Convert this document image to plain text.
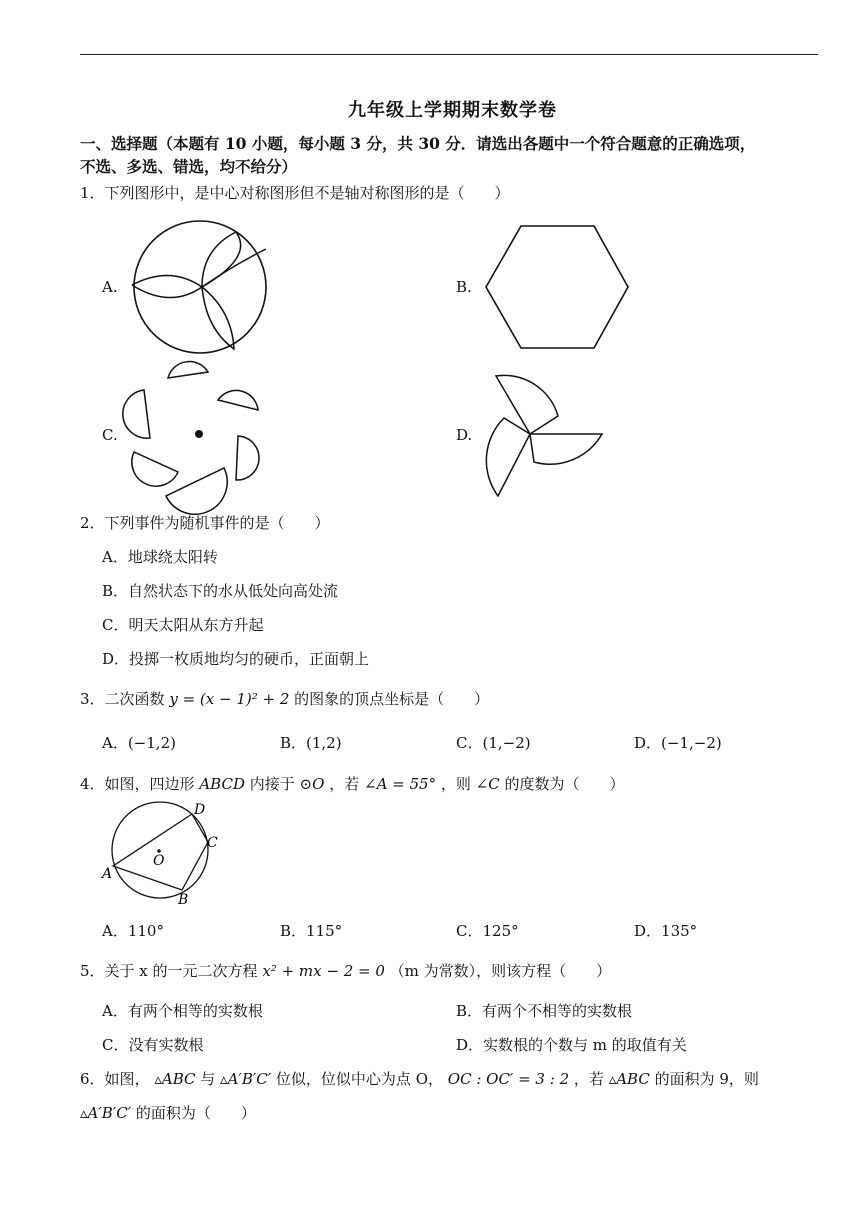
九年级上学期期末数学卷
一、选择题（本题有 10 小题，每小题 3 分，共 30 分．请选出各题中一个符合题意的正确选项，
不选、多选、错选，均不给分）
1．下列图形中，是中心对称图形但不是轴对称图形的是（　　）
A.	B.
C.	D.
2．下列事件为随机事件的是（　　）
A．地球绕太阳转
B．自然状态下的水从低处向高处流
C．明天太阳从东方升起
D．投掷一枚质地均匀的硬币，正面朝上
3．二次函数 y = (x − 1)² + 2 的图象的顶点坐标是（　　）
A．(−1,2)	B．(1,2)	C．(1,−2)	D．(−1,−2)
4．如图，四边形 ABCD 内接于 ⊙O ，若 ∠A = 55° ，则 ∠C 的度数为（　　）
O
A
B
C
D
A．110°	B．115°	C．125°	D．135°
5．关于 x 的一元二次方程 x² + mx − 2 = 0 （m 为常数），则该方程（　　）
A．有两个相等的实数根	B．有两个不相等的实数根
C．没有实数根	D．实数根的个数与 m 的取值有关
6．如图， ▵ABC 与 ▵A′B′C′ 位似，位似中心为点 O， OC : OC′ = 3 : 2 ，若 ▵ABC 的面积为 9，则
▵A′B′C′ 的面积为（　　）
